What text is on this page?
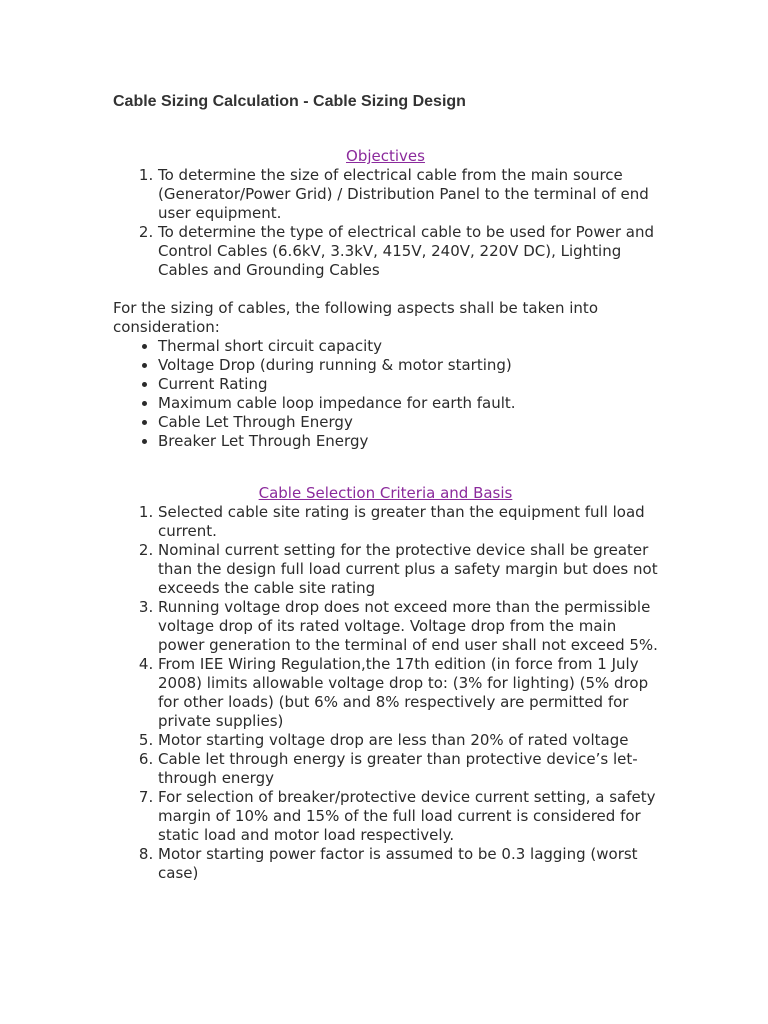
Cable Sizing Calculation - Cable Sizing Design
Objectives
1. To determine the size of electrical cable from the main source (Generator/Power Grid) / Distribution Panel to the terminal of end user equipment.
2. To determine the type of electrical cable to be used for Power and Control Cables (6.6kV, 3.3kV, 415V, 240V, 220V DC), Lighting Cables and Grounding Cables

For the sizing of cables, the following aspects shall be taken into consideration:

• Thermal short circuit capacity
• Voltage Drop (during running & motor starting)
• Current Rating
• Maximum cable loop impedance for earth fault.
• Cable Let Through Energy
• Breaker Let Through Energy
Cable Selection Criteria and Basis
1. Selected cable site rating is greater than the equipment full load current.
2. Nominal current setting for the protective device shall be greater than the design full load current plus a safety margin but does not exceeds the cable site rating
3. Running voltage drop does not exceed more than the permissible voltage drop of its rated voltage. Voltage drop from the main power generation to the terminal of end user shall not exceed 5%.
4. From IEE Wiring Regulation,the 17th edition (in force from 1 July 2008) limits allowable voltage drop to: (3% for lighting) (5% drop for other loads) (but 6% and 8% respectively are permitted for private supplies)
5. Motor starting voltage drop are less than 20% of rated voltage
6. Cable let through energy is greater than protective device’s let-through energy
7. For selection of breaker/protective device current setting, a safety margin of 10% and 15% of the full load current is considered for static load and motor load respectively.
8. Motor starting power factor is assumed to be 0.3 lagging (worst case)
